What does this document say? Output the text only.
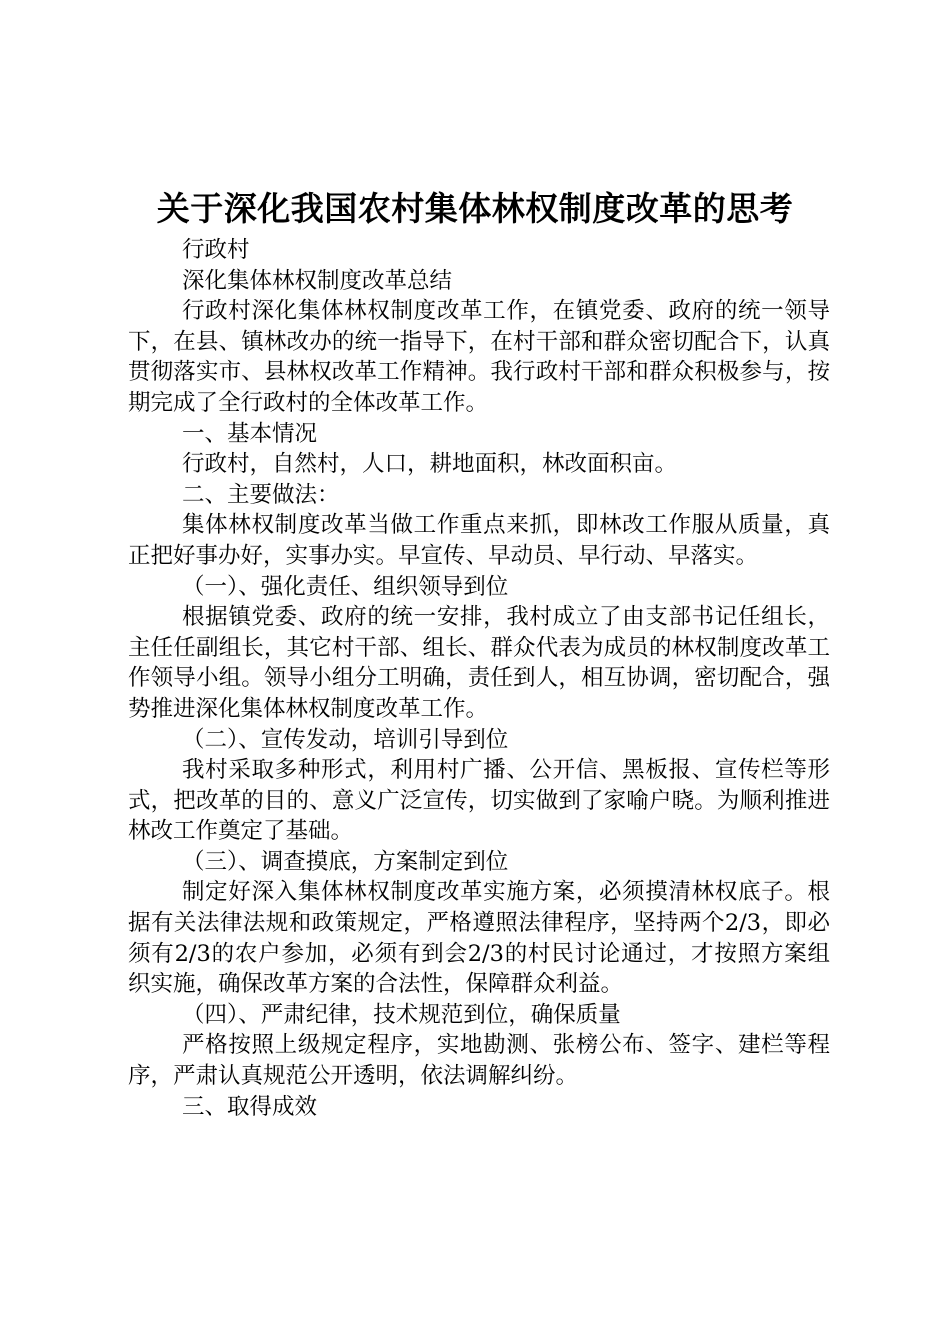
关于深化我国农村集体林权制度改革的思考

行政村

深化集体林权制度改革总结

行政村深化集体林权制度改革工作，在镇党委、政府的统一领导下，在县、镇林改办的统一指导下，在村干部和群众密切配合下，认真贯彻落实市、县林权改革工作精神。我行政村干部和群众积极参与，按期完成了全行政村的全体改革工作。

一、基本情况

行政村，自然村，人口，耕地面积，林改面积亩。

二、主要做法：

集体林权制度改革当做工作重点来抓，即林改工作服从质量，真正把好事办好，实事办实。早宣传、早动员、早行动、早落实。

（一）、强化责任、组织领导到位

根据镇党委、政府的统一安排，我村成立了由支部书记任组长，主任任副组长，其它村干部、组长、群众代表为成员的林权制度改革工作领导小组。领导小组分工明确，责任到人，相互协调，密切配合，强势推进深化集体林权制度改革工作。

（二）、宣传发动，培训引导到位

我村采取多种形式，利用村广播、公开信、黑板报、宣传栏等形式，把改革的目的、意义广泛宣传，切实做到了家喻户晓。为顺利推进林改工作奠定了基础。

（三）、调查摸底，方案制定到位

制定好深入集体林权制度改革实施方案，必须摸清林权底子。根据有关法律法规和政策规定，严格遵照法律程序，坚持两个2/3，即必须有2/3的农户参加，必须有到会2/3的村民讨论通过，才按照方案组织实施，确保改革方案的合法性，保障群众利益。

（四）、严肃纪律，技术规范到位，确保质量

严格按照上级规定程序，实地勘测、张榜公布、签字、建栏等程序，严肃认真规范公开透明，依法调解纠纷。

三、取得成效
